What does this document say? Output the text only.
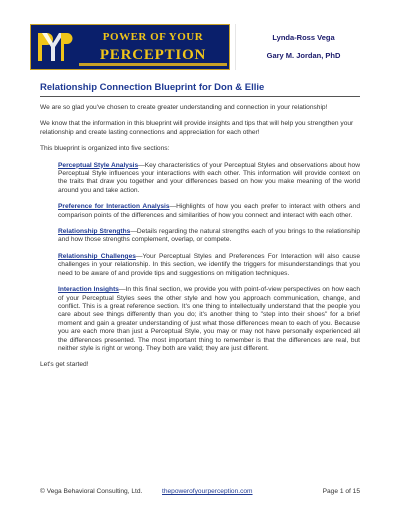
POWER OF YOUR
PERCEPTION
Lynda-Ross Vega
Gary M. Jordan, PhD
Relationship Connection Blueprint for Don & Ellie

We are so glad you've chosen to create greater understanding and connection in your relationship!

We know that the information in this blueprint will provide insights and tips that will help you strengthen your relationship and create lasting connections and appreciation for each other!

This blueprint is organized into five sections:

Perceptual Style Analysis—Key characteristics of your Perceptual Styles and observations about how Perceptual Style influences your interactions with each other. This information will provide context on the traits that draw you together and your differences based on how you make meaning of the world around you and take action.

Preference for Interaction Analysis—Highlights of how you each prefer to interact with others and comparison points of the differences and similarities of how you connect and interact with each other.

Relationship Strengths—Details regarding the natural strengths each of you brings to the relationship and how those strengths complement, overlap, or compete.

Relationship Challenges—Your Perceptual Styles and Preferences For Interaction will also cause challenges in your relationship. In this section, we identify the triggers for misunderstandings that you need to be aware of and provide tips and suggestions on mitigation techniques.

Interaction Insights—In this final section, we provide you with point-of-view perspectives on how each of your Perceptual Styles sees the other style and how you approach communication, change, and conflict. This is a great reference section. It's one thing to intellectually understand that the people you care about see things differently than you do; it's another thing to "step into their shoes" for a brief moment and gain a greater understanding of just what those differences mean to each of you. Because you are each more than just a Perceptual Style, you may or may not have personally experienced all the differences presented. The most important thing to remember is that the differences are real, but neither style is right or wrong. They both are valid; they are just different.

Let's get started!

© Vega Behavioral Consulting, Ltd.	thepowerofyourperception.com	Page 1 of 15
